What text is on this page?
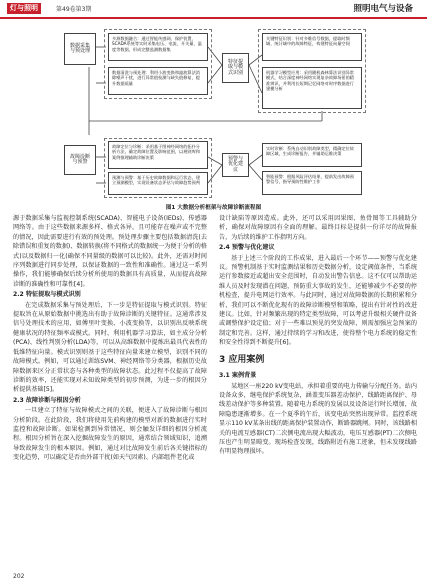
灯与照明	第49卷第3期	照明电气与设备
数据采集与预处理
特征提取与模式识别
故障诊断与预警
预警与优化建议
多源数据融合：通过智能传感网、保护装置、SCADA系统等实时采集电压、电流、开关量、温度等数据，形成完整监测数据集
数据清洗与预处理：利用小波变换和滤波算法消除噪声干扰，进行异常值检测与缺失值修复，提升数据质量
关键特征识别：针对多维信号数据，提取时频域、统计域中的故障特征，构建特征向量空间
机器学习模型应用：采用随机森林算法识别异常模式，结合深度神经网络实现复杂故障场景的精准辨识，并利用长短期记忆网络对时序数据进行建模分析
实时诊断：系统自动识别故障类型，精确定位故障区域，生成诊断报告，并辅助运维决策
智能预警：根据风险评估结果，提前发出故障预警信号，指导预防性维护工作
故障定位与诊断：采用基于图神经网络的拓扑分析方法，确定故障位置及影响范围，以规则库和案例推理辅助诊断决策
预测与预警：基于历史故障数据和运行状态，建立预测模型，实现设备状态评估与故障趋势预判
图1 大数据分析框架与故障诊断流程图

源于数据采集与监视控制系统(SCADA)、智能电子设备(IEDs)、传感器网络等。由于这些数据来源多样、格式各异，且可能存在噪声或不完整的情况，因此需要进行有效的预处理。预处理步骤主要包括数据清洗(去除错误和重复的数据)、数据转换(将不同格式的数据统一为便于分析的格式)以及数据归一化(确保不同量级的数据可以比较)。此外，还需对时间序列数据进行同步处理，以保证数据的一致性和准确性。通过这一系列操作，我们能够确保后续分析所使用的数据具有高质量，从而提高故障诊断的准确性和可靠性[4]。

2.2 特征提取与模式识别

在完成数据采集与预处理后，下一步是特征提取与模式识别。特征提取旨在从原始数据中挑选出有助于故障诊断的关键特征。这通常涉及信号处理技术的应用，如傅里叶变换、小波变换等，以识别出反映系统健康状况的特征频率或模式。同时，利用机器学习算法，如主成分分析(PCA)、线性判别分析(LDA)等，可以从高维数据中提炼出最具代表性的低维特征向量。模式识别则基于这些特征向量来建立模型，识别不同的故障模式。例如，可以通过训练SVM、神经网络等分类器，根据历史故障数据来区分正常状态与各种类型的故障状态。此过程不仅提高了故障诊断的效率，还能实现对未知故障类型的初步预测，为进一步的根因分析提供基础[5]。

2.3 故障诊断与根因分析

一旦建立了特征与故障模式之间的关联，便进入了故障诊断与根因分析阶段。在此阶段，我们将使用先前构建的模型对新的数据进行实时监控和故障诊断。如果检测到异常情况，则会触发详细的根因分析流程。根因分析旨在深入挖掘故障发生的原因，通常结合领域知识，追溯导致故障发生的根本原因。例如，通过对比故障发生前后各关键指标的变化趋势，可以确定是否由外部干扰(如天气因素)、内部组件老化或

设计缺陷等原因造成。此外，还可以采用因果图、鱼骨图等工具辅助分析，确保对故障原因有全面的理解。最终目标是提供一份详尽的故障报告，为后续的维护工作指明方向。

2.4 预警与优化建议

基于上述三个阶段的工作成果，进入最后一个环节——预警与优化建议。预警机制基于实时监测结果和历史数据分析，设定阈值条件，当系统运行参数接近或超出安全范围时，自动发出警告信息。这不仅可以帮助运维人员及时发现潜在问题，预防重大事故的发生，还能够减少不必要的停机检查，提升电网运行效率。与此同时，通过对故障数据的长期积累和分析，我们可以不断优化现有的故障诊断模型和策略，提出有针对性的改进建议。比如，针对频繁出现的特定类型故障，可以考虑升级相关硬件设备或调整保护设定值；对于一些难以预见的突发故障，则需加强应急预案的制定和完善。这样，通过持续的学习和改进，使得整个电力系统的稳定性和安全性得到不断提升[6]。

3 应用案例

3.1 案例背景

某地区一座220 kV变电站，承担着重要的电力传输与分配任务。站内设备众多，继电保护系统复杂，涵盖变压器差动保护、线路距离保护、母线差动保护等多种装置。随着电力系统的发展以及设备运行时长增加，故障隐患逐渐增多。在一个夏季的午后，该变电站突然出现异常。监控系统显示110 kV某条出线的距离保护装置动作，断路器跳闸。同时，该线路相关的电流互感器(CT)二次侧电流出现大幅波动，电压互感器(PT)二次侧电压也产生明显畸变。现场检查发现，线路附近有施工迹象，但未发现线路有明显物理损坏。

202
